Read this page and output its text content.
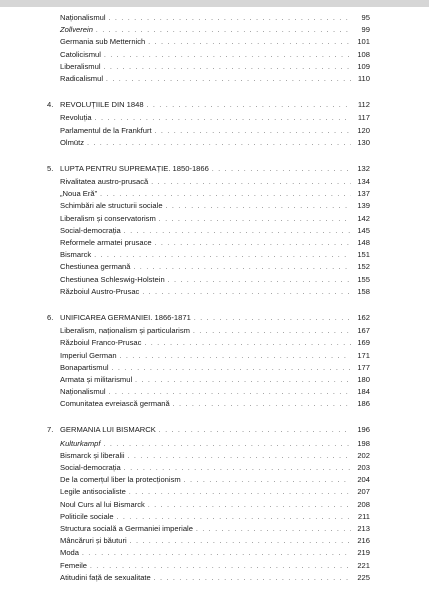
Naționalismul . . .	95
Zollverein . . .	99
Germania sub Metternich . . .	101
Catolicismul . . .	108
Liberalismul . . .	109
Radicalismul . . .	110
4. REVOLUȚIILE DIN 1848 . . .	112
Revoluția . . .	117
Parlamentul de la Frankfurt . . .	120
Olmütz . . .	130
5. LUPTA PENTRU SUPREMAȚIE. 1850-1866 . . .	132
Rivalitatea austro-prusacă . . .	134
„Noua Eră” . . .	137
Schimbări ale structurii sociale . . .	139
Liberalism și conservatorism . . .	142
Social-democrația . . .	145
Reformele armatei prusace . . .	148
Bismarck . . .	151
Chestiunea germană . . .	152
Chestiunea Schleswig-Holstein . . .	155
Războiul Austro-Prusac . . .	158
6. UNIFICAREA GERMANIEI. 1866-1871 . . .	162
Liberalism, naționalism și particularism . . .	167
Războiul Franco-Prusac . . .	169
Imperiul German . . .	171
Bonapartismul . . .	177
Armata și militarismul . . .	180
Naționalismul . . .	184
Comunitatea evreiască germană . . .	186
7. GERMANIA LUI BISMARCK . . .	196
Kulturkampf . . .	198
Bismarck și liberalii . . .	202
Social-democrația . . .	203
De la comerțul liber la protecționism . . .	204
Legile antisocialiste . . .	207
Noul Curs al lui Bismarck . . .	208
Politicile sociale . . .	211
Structura socială a Germaniei imperiale . . .	213
Mâncăruri și băuturi . . .	216
Moda . . .	219
Femeile . . .	221
Atitudini față de sexualitate . . .	225
